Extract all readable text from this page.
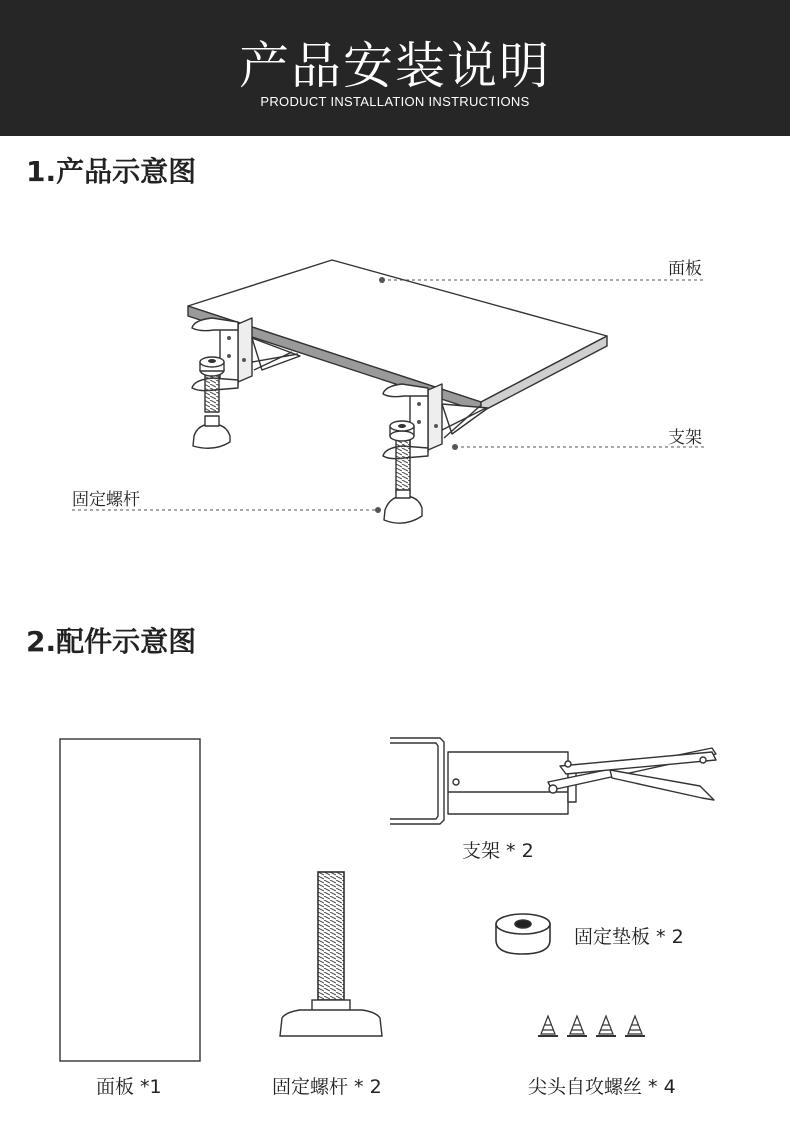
产品安装说明
PRODUCT INSTALLATION INSTRUCTIONS
1.产品示意图
2.配件示意图
面板
支架
固定螺杆
支架 * 2
固定垫板 * 2
面板 *1	固定螺杆 * 2	尖头自攻螺丝 * 4
